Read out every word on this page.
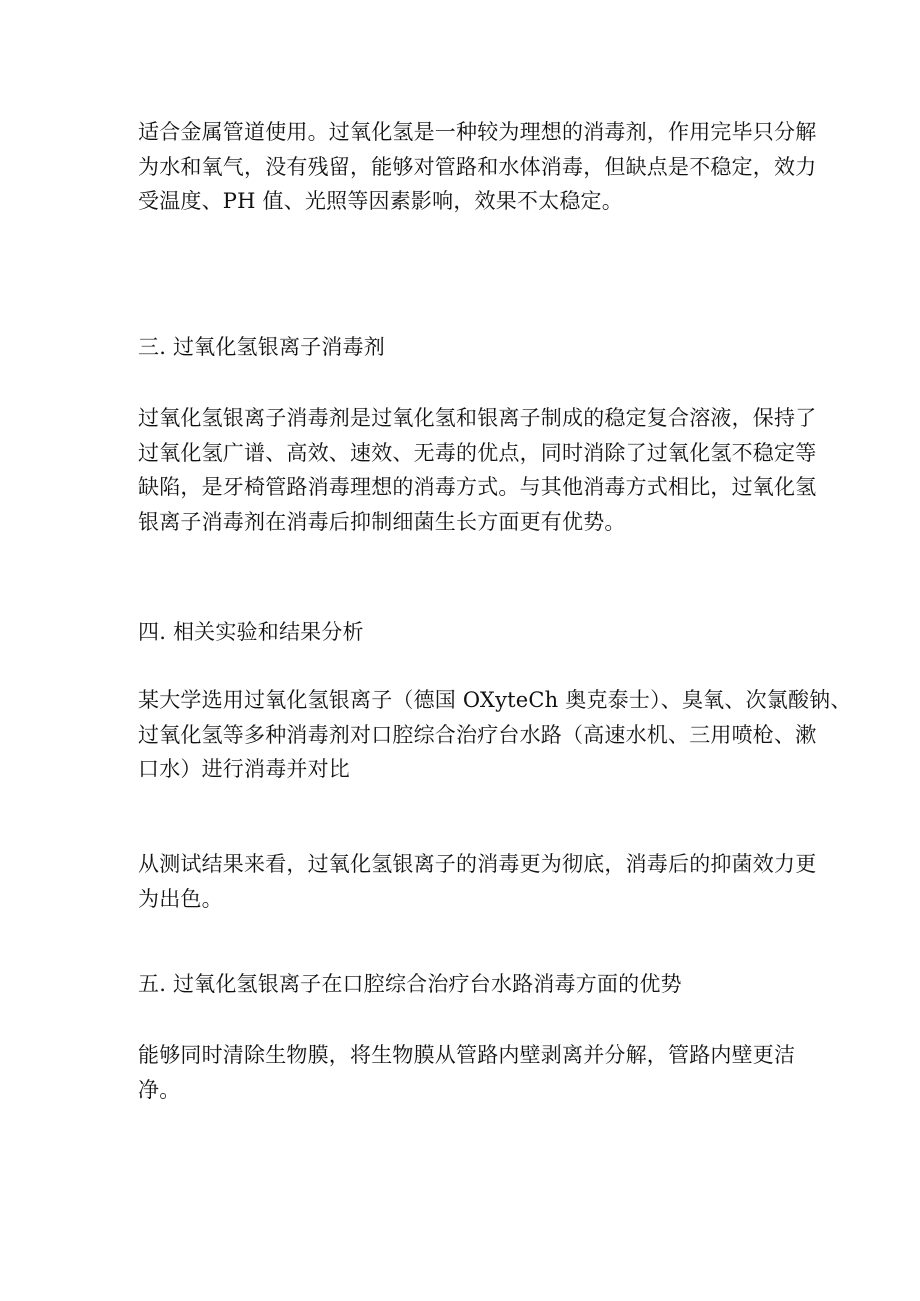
适合金属管道使用。过氧化氢是一种较为理想的消毒剂，作用完毕只分解
为水和氧气，没有残留，能够对管路和水体消毒，但缺点是不稳定，效力
受温度、PH 值、光照等因素影响，效果不太稳定。

三. 过氧化氢银离子消毒剂

过氧化氢银离子消毒剂是过氧化氢和银离子制成的稳定复合溶液，保持了
过氧化氢广谱、高效、速效、无毒的优点，同时消除了过氧化氢不稳定等
缺陷，是牙椅管路消毒理想的消毒方式。与其他消毒方式相比，过氧化氢
银离子消毒剂在消毒后抑制细菌生长方面更有优势。

四. 相关实验和结果分析

某大学选用过氧化氢银离子（德国 OXyteCh 奥克泰士）、臭氧、次氯酸钠、
过氧化氢等多种消毒剂对口腔综合治疗台水路（高速水机、三用喷枪、漱
口水）进行消毒并对比

从测试结果来看，过氧化氢银离子的消毒更为彻底，消毒后的抑菌效力更
为出色。

五. 过氧化氢银离子在口腔综合治疗台水路消毒方面的优势

能够同时清除生物膜，将生物膜从管路内壁剥离并分解，管路内壁更洁
净。
